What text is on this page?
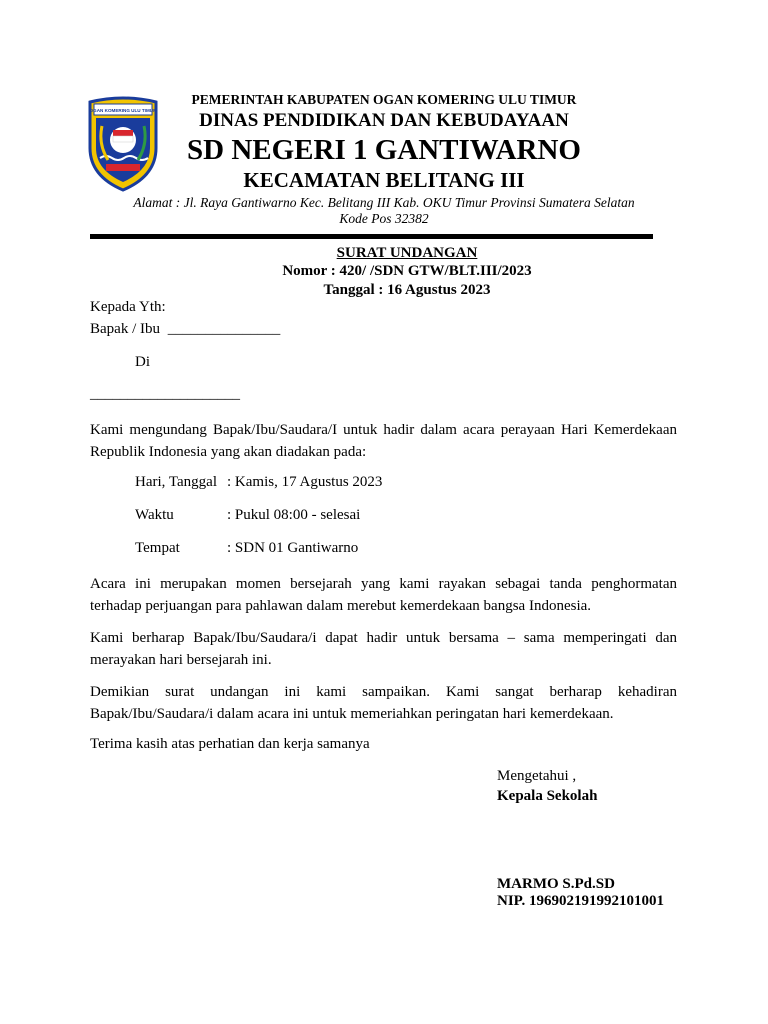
OGAN KOMERING ULU TIMUR
PEMERINTAH KABUPATEN OGAN KOMERING ULU TIMUR
DINAS PENDIDIKAN DAN KEBUDAYAAN
SD NEGERI 1 GANTIWARNO
KECAMATAN BELITANG III
Alamat : Jl. Raya Gantiwarno Kec. Belitang III Kab. OKU Timur Provinsi Sumatera Selatan
Kode Pos 32382
SURAT UNDANGAN
Nomor : 420/ /SDN GTW/BLT.III/2023
Tanggal : 16 Agustus 2023
Kepada Yth:
Bapak / Ibu _______________
Di
____________________
Kami mengundang Bapak/Ibu/Saudara/I untuk hadir dalam acara perayaan Hari Kemerdekaan Republik Indonesia yang akan diadakan pada:
Hari, Tanggal : Kamis, 17 Agustus 2023
Waktu	: Pukul 08:00 - selesai
Tempat	: SDN 01 Gantiwarno
Acara ini merupakan momen bersejarah yang kami rayakan sebagai tanda penghormatan terhadap perjuangan para pahlawan dalam merebut kemerdekaan bangsa Indonesia.
Kami berharap Bapak/Ibu/Saudara/i dapat hadir untuk bersama – sama memperingati dan merayakan hari bersejarah ini.
Demikian surat undangan ini kami sampaikan. Kami sangat berharap kehadiran Bapak/Ibu/Saudara/i dalam acara ini untuk memeriahkan peringatan hari kemerdekaan.
Terima kasih atas perhatian dan kerja samanya
Mengetahui ,
Kepala Sekolah
MARMO S.Pd.SD
NIP. 196902191992101001
